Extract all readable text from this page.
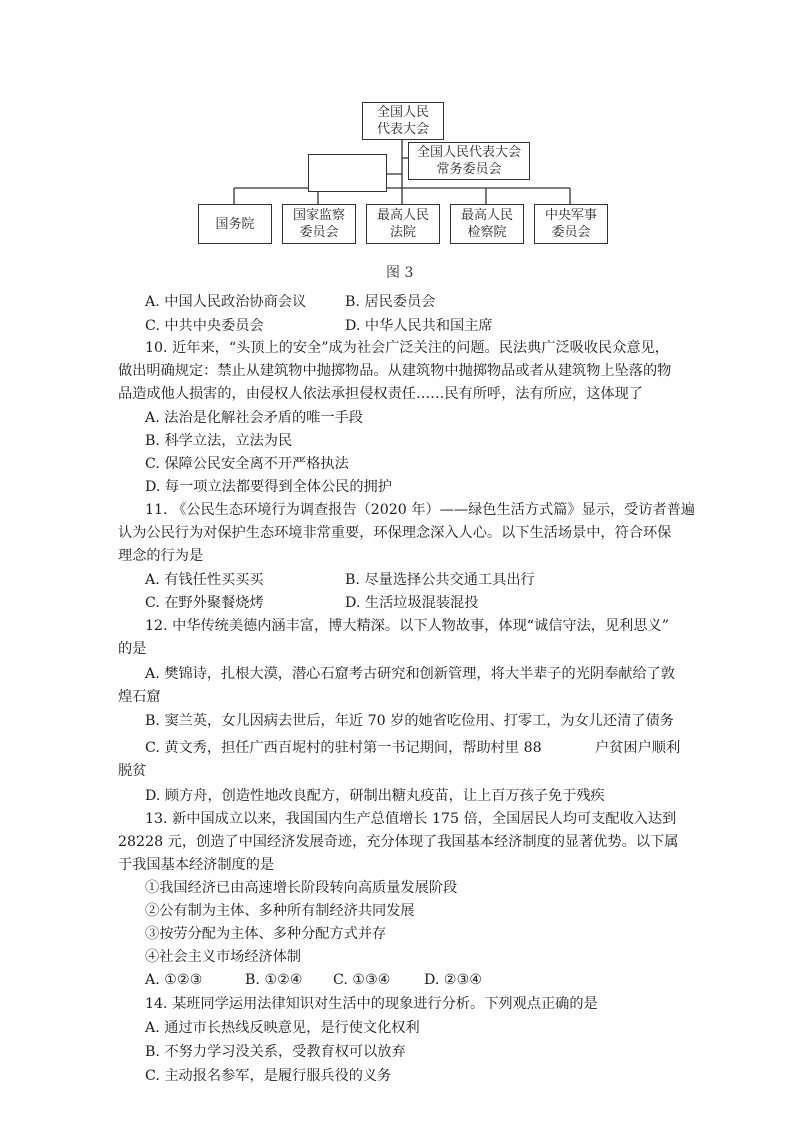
全国人民
代表大会
全国人民代表大会
常务委员会
国务院
国家监察
委员会
最高人民
法院
最高人民
检察院
中央军事
委员会
图 3
A. 中国人民政治协商会议	B. 居民委员会
C. 中共中央委员会	D. 中华人民共和国主席
10. 近年来，“头顶上的安全”成为社会广泛关注的问题。民法典广泛吸收民众意见，
做出明确规定：禁止从建筑物中抛掷物品。从建筑物中抛掷物品或者从建筑物上坠落的物
品造成他人损害的，由侵权人依法承担侵权责任……民有所呼，法有所应，这体现了
A. 法治是化解社会矛盾的唯一手段
B. 科学立法，立法为民
C. 保障公民安全离不开严格执法
D. 每一项立法都要得到全体公民的拥护
11. 《公民生态环境行为调查报告（2020 年）——绿色生活方式篇》显示，受访者普遍
认为公民行为对保护生态环境非常重要，环保理念深入人心。以下生活场景中，符合环保
理念的行为是
A. 有钱任性买买买	B. 尽量选择公共交通工具出行
C. 在野外聚餐烧烤	D. 生活垃圾混装混投
12. 中华传统美德内涵丰富，博大精深。以下人物故事，体现“诚信守法，见利思义”
的是
A. 樊锦诗，扎根大漠，潜心石窟考古研究和创新管理，将大半辈子的光阴奉献给了敦
煌石窟
B. 窦兰英，女儿因病去世后，年近 70 岁的她省吃俭用、打零工，为女儿还清了债务
C. 黄文秀，担任广西百坭村的驻村第一书记期间，帮助村里 88	户贫困户顺利
脱贫
D. 顾方舟，创造性地改良配方，研制出糖丸疫苗，让上百万孩子免于残疾
13. 新中国成立以来，我国国内生产总值增长 175 倍，全国居民人均可支配收入达到
28228 元，创造了中国经济发展奇迹，充分体现了我国基本经济制度的显著优势。以下属
于我国基本经济制度的是
①我国经济已由高速增长阶段转向高质量发展阶段
②公有制为主体、多种所有制经济共同发展
③按劳分配为主体、多种分配方式并存
④社会主义市场经济体制
A. ①②③	B. ①②④ C. ①③④ D. ②③④
14. 某班同学运用法律知识对生活中的现象进行分析。下列观点正确的是
A. 通过市长热线反映意见，是行使文化权利
B. 不努力学习没关系，受教育权可以放弃
C. 主动报名参军，是履行服兵役的义务
